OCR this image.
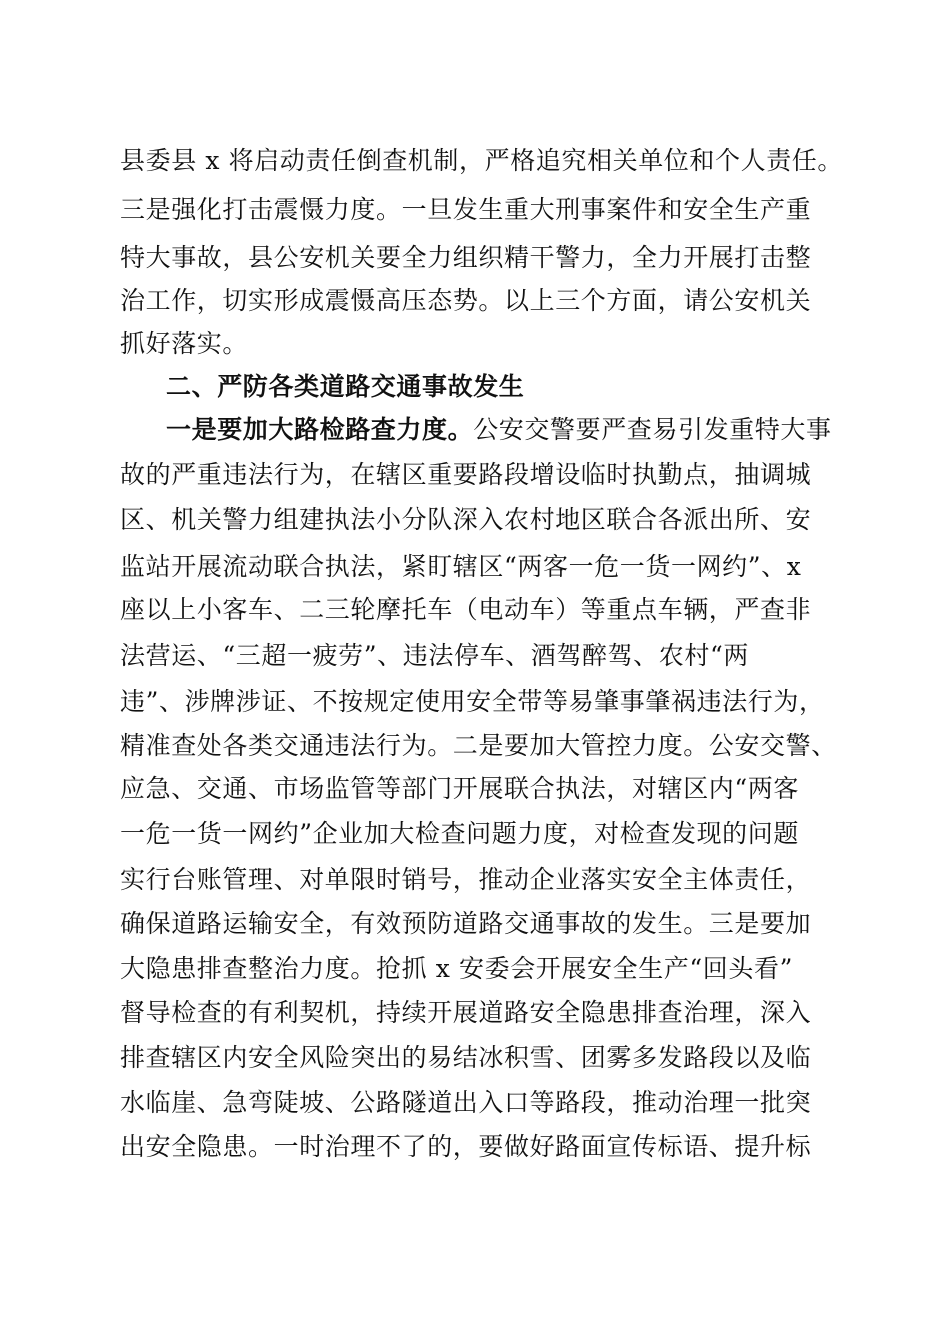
县委县 x 将启动责任倒查机制，严格追究相关单位和个人责任。
三是强化打击震慑力度。一旦发生重大刑事案件和安全生产重
特大事故，县公安机关要全力组织精干警力，全力开展打击整
治工作，切实形成震慑高压态势。以上三个方面，请公安机关
抓好落实。
二、严防各类道路交通事故发生
一是要加大路检路查力度。公安交警要严查易引发重特大事
故的严重违法行为，在辖区重要路段增设临时执勤点，抽调城
区、机关警力组建执法小分队深入农村地区联合各派出所、安
监站开展流动联合执法，紧盯辖区“两客一危一货一网约”、x
座以上小客车、二三轮摩托车（电动车）等重点车辆，严查非
法营运、“三超一疲劳”、违法停车、酒驾醉驾、农村“两
违”、涉牌涉证、不按规定使用安全带等易肇事肇祸违法行为，
精准查处各类交通违法行为。二是要加大管控力度。公安交警、
应急、交通、市场监管等部门开展联合执法，对辖区内“两客
一危一货一网约”企业加大检查问题力度，对检查发现的问题
实行台账管理、对单限时销号，推动企业落实安全主体责任，
确保道路运输安全，有效预防道路交通事故的发生。三是要加
大隐患排查整治力度。抢抓 x 安委会开展安全生产“回头看”
督导检查的有利契机，持续开展道路安全隐患排查治理，深入
排查辖区内安全风险突出的易结冰积雪、团雾多发路段以及临
水临崖、急弯陡坡、公路隧道出入口等路段，推动治理一批突
出安全隐患。一时治理不了的，要做好路面宣传标语、提升标
